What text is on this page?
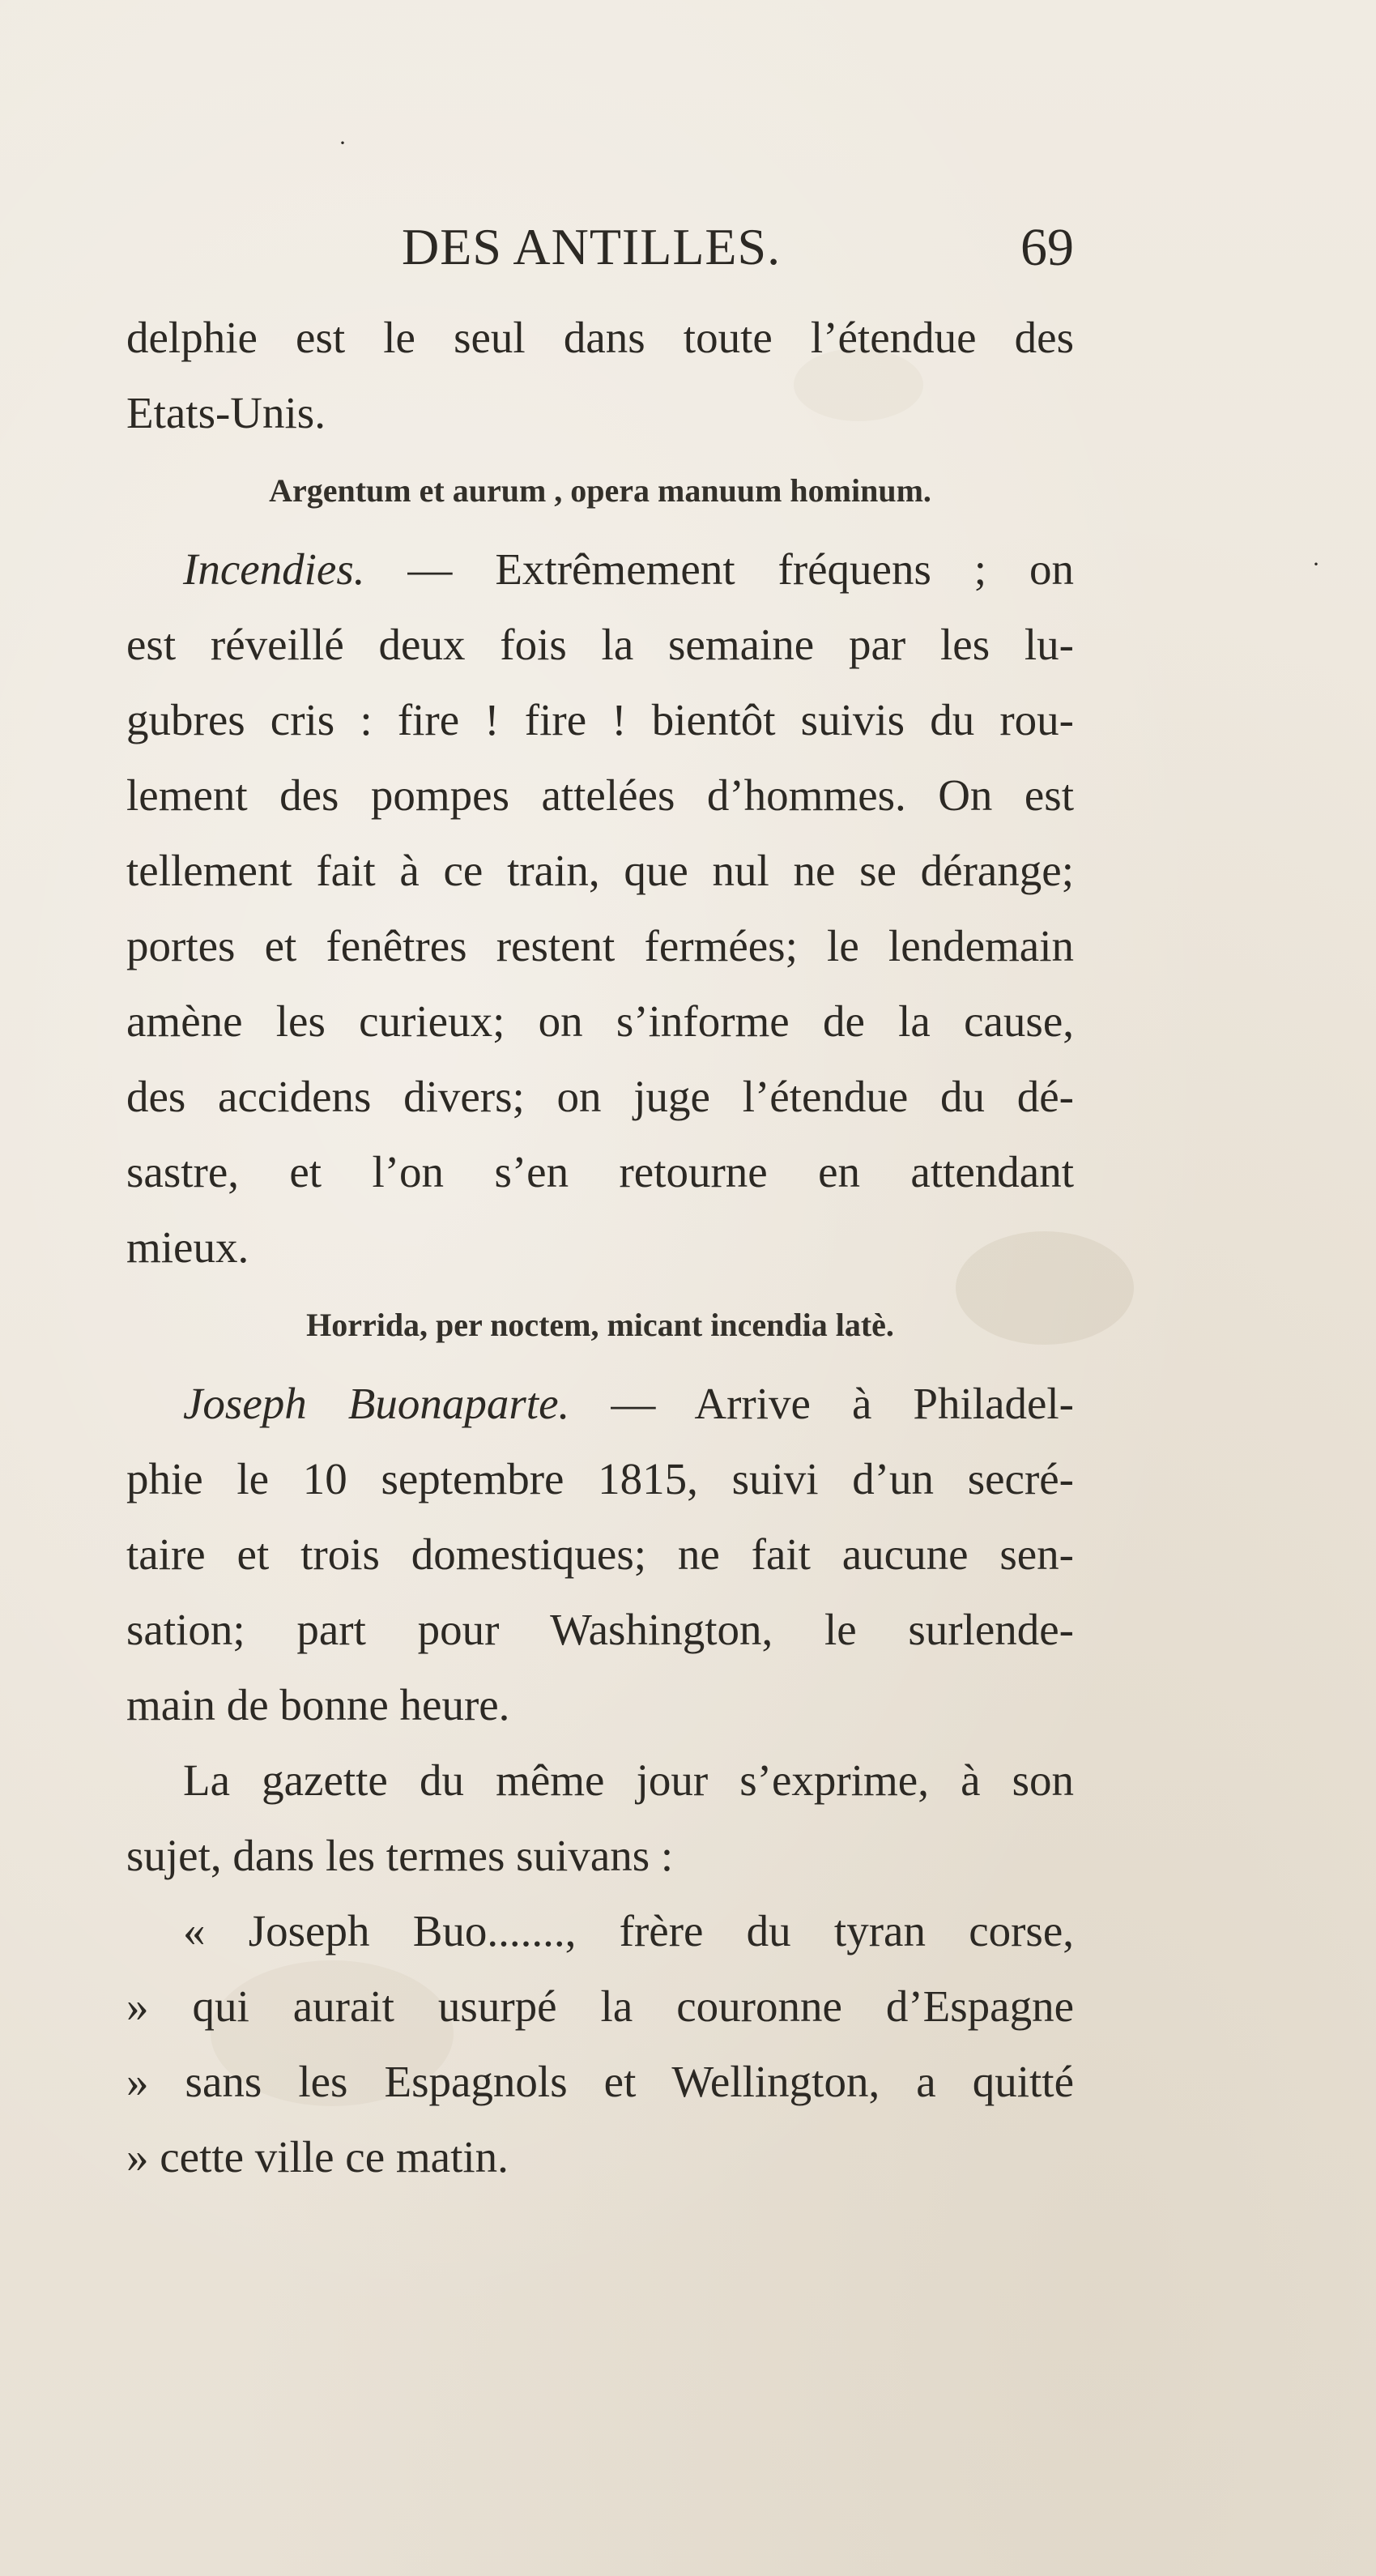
·
·
DES ANTILLES.	69
delphie est le seul dans toute l’étendue des
Etats-Unis.
Argentum et aurum , opera manuum hominum.
Incendies. — Extrêmement fréquens ; on
est réveillé deux fois la semaine par les lu-
gubres cris : fire ! fire ! bientôt suivis du rou-
lement des pompes attelées d’hommes. On est
tellement fait à ce train, que nul ne se dérange;
portes et fenêtres restent fermées; le lendemain
amène les curieux; on s’informe de la cause,
des accidens divers; on juge l’étendue du dé-
sastre, et l’on s’en retourne en attendant
mieux.
Horrida, per noctem, micant incendia latè.
Joseph Buonaparte. — Arrive à Philadel-
phie le 10 septembre 1815, suivi d’un secré-
taire et trois domestiques; ne fait aucune sen-
sation; part pour Washington, le surlende-
main de bonne heure.
La gazette du même jour s’exprime, à son
sujet, dans les termes suivans :
« Joseph Buo......., frère du tyran corse,
» qui aurait usurpé la couronne d’Espagne
» sans les Espagnols et Wellington, a quitté
» cette ville ce matin.
